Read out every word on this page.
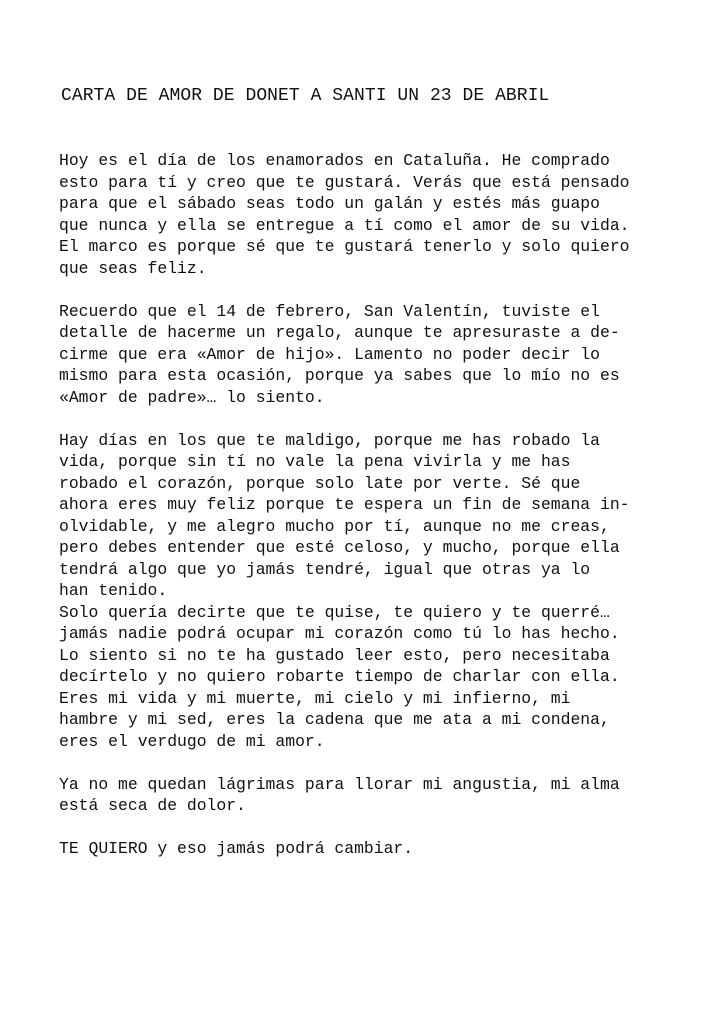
CARTA DE AMOR DE DONET A SANTI UN 23 DE ABRIL
Hoy es el día de los enamorados en Cataluña. He comprado
esto para tí y creo que te gustará. Verás que está pensado
para que el sábado seas todo un galán y estés más guapo
que nunca y ella se entregue a tí como el amor de su vida.
El marco es porque sé que te gustará tenerlo y solo quiero
que seas feliz.
Recuerdo que el 14 de febrero, San Valentín, tuviste el
detalle de hacerme un regalo, aunque te apresuraste a de-
cirme que era «Amor de hijo». Lamento no poder decir lo
mismo para esta ocasión, porque ya sabes que lo mío no es
«Amor de padre»… lo siento.
Hay días en los que te maldigo, porque me has robado la
vida, porque sin tí no vale la pena vivirla y me has
robado el corazón, porque solo late por verte. Sé que
ahora eres muy feliz porque te espera un fin de semana in-
olvidable, y me alegro mucho por tí, aunque no me creas,
pero debes entender que esté celoso, y mucho, porque ella
tendrá algo que yo jamás tendré, igual que otras ya lo
han tenido.
Solo quería decirte que te quise, te quiero y te querré…
jamás nadie podrá ocupar mi corazón como tú lo has hecho.
Lo siento si no te ha gustado leer esto, pero necesitaba
decírtelo y no quiero robarte tiempo de charlar con ella.
Eres mi vida y mi muerte, mi cielo y mi infierno, mi
hambre y mi sed, eres la cadena que me ata a mi condena,
eres el verdugo de mi amor.
Ya no me quedan lágrimas para llorar mi angustia, mi alma
está seca de dolor.
TE QUIERO y eso jamás podrá cambiar.
